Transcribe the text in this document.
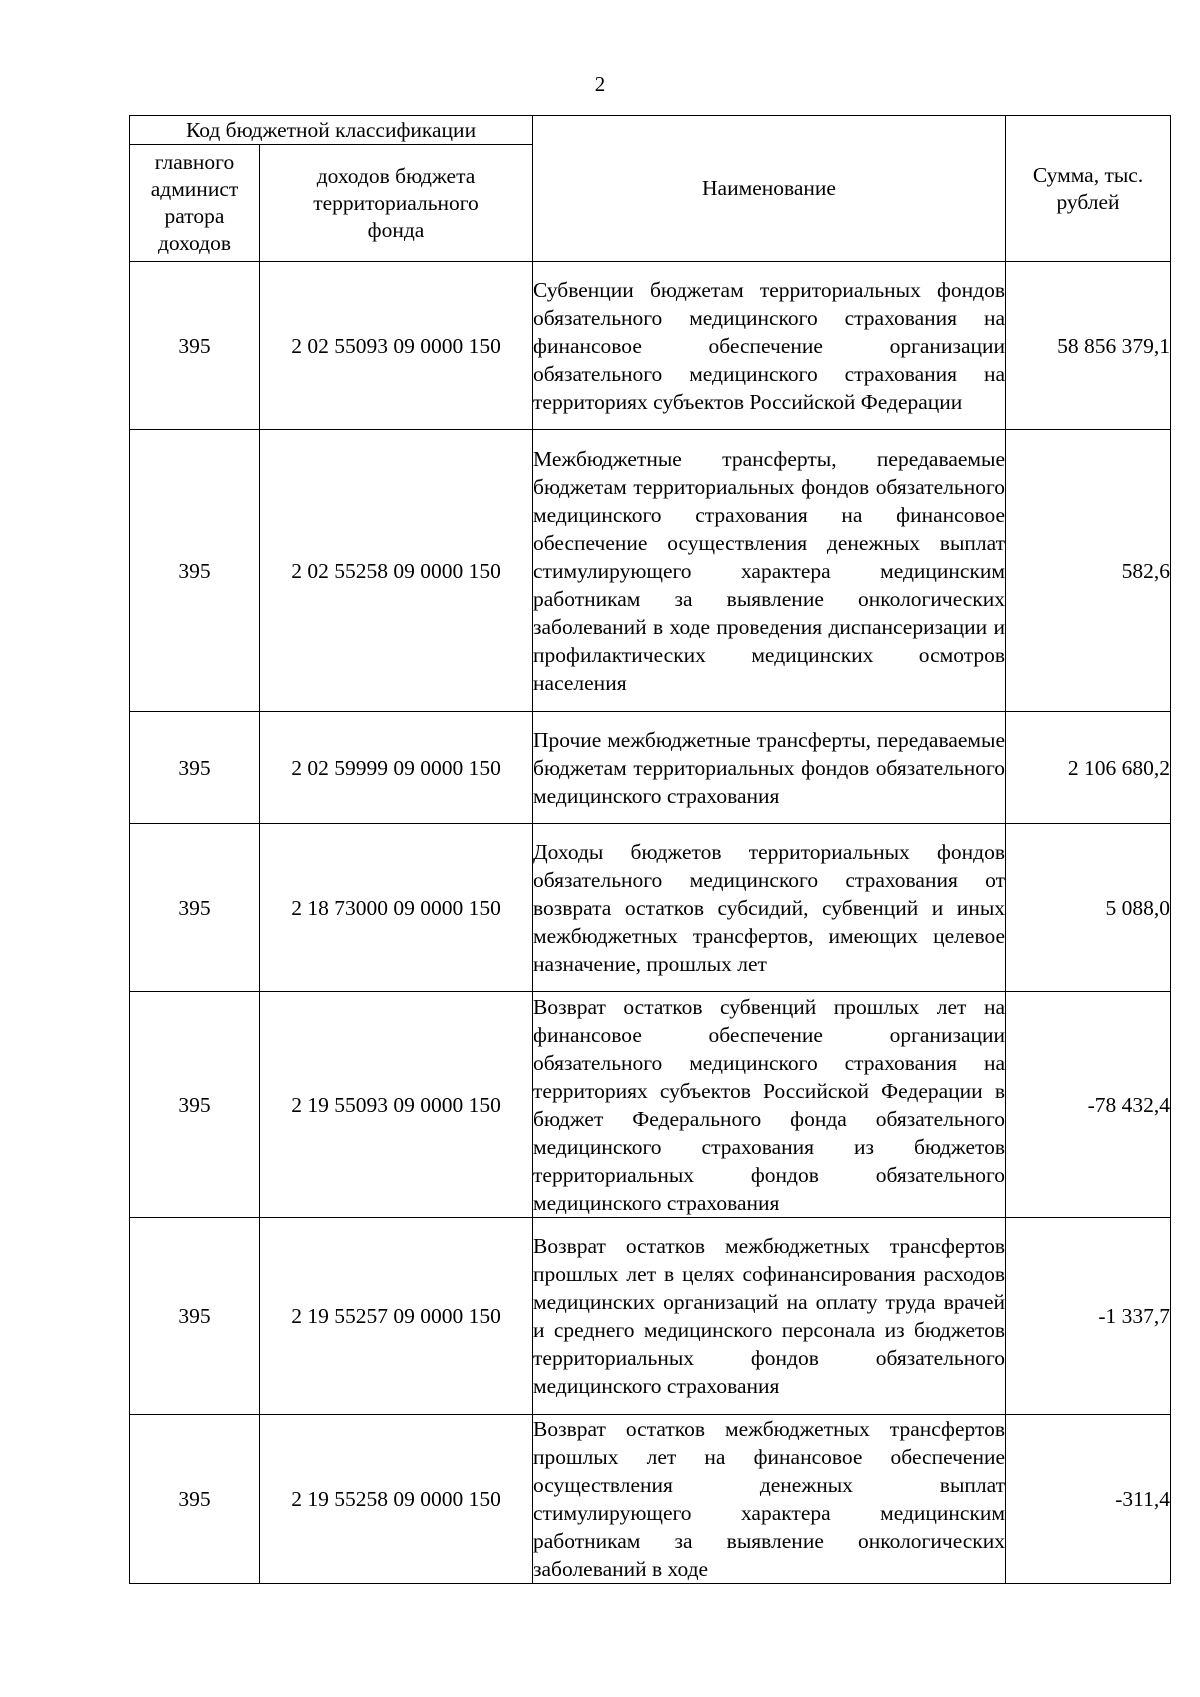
2
Код бюджетной классификации		Наименование	Сумма, тыс. рублей
главного админист ратора доходов	доходов бюджета территориального фонда		
395	2 02 55093 09 0000 150	Субвенции бюджетам территориальных фондов обязательного медицинского страхования на финансовое обеспечение организации обязательного медицинского страхования на территориях субъектов Российской Федерации	58 856 379,1
395	2 02 55258 09 0000 150	Межбюджетные трансферты, передаваемые бюджетам территориальных фондов обязательного медицинского страхования на финансовое обеспечение осуществления денежных выплат стимулирующего характера медицинским работникам за выявление онкологических заболеваний в ходе проведения диспансеризации и профилактических медицинских осмотров населения	582,6
395	2 02 59999 09 0000 150	Прочие межбюджетные трансферты, передаваемые бюджетам территориальных фондов обязательного медицинского страхования	2 106 680,2
395	2 18 73000 09 0000 150	Доходы бюджетов территориальных фондов обязательного медицинского страхования от возврата остатков субсидий, субвенций и иных межбюджетных трансфертов, имеющих целевое назначение, прошлых лет	5 088,0
395	2 19 55093 09 0000 150	Возврат остатков субвенций прошлых лет на финансовое обеспечение организации обязательного медицинского страхования на территориях субъектов Российской Федерации в бюджет Федерального фонда обязательного медицинского страхования из бюджетов территориальных фондов обязательного медицинского страхования	-78 432,4
395	2 19 55257 09 0000 150	Возврат остатков межбюджетных трансфертов прошлых лет в целях софинансирования расходов медицинских организаций на оплату труда врачей и среднего медицинского персонала из бюджетов территориальных фондов обязательного медицинского страхования	-1 337,7
395	2 19 55258 09 0000 150	Возврат остатков межбюджетных трансфертов прошлых лет на финансовое обеспечение осуществления денежных выплат стимулирующего характера медицинским работникам за выявление онкологических заболеваний в ходе	-311,4
